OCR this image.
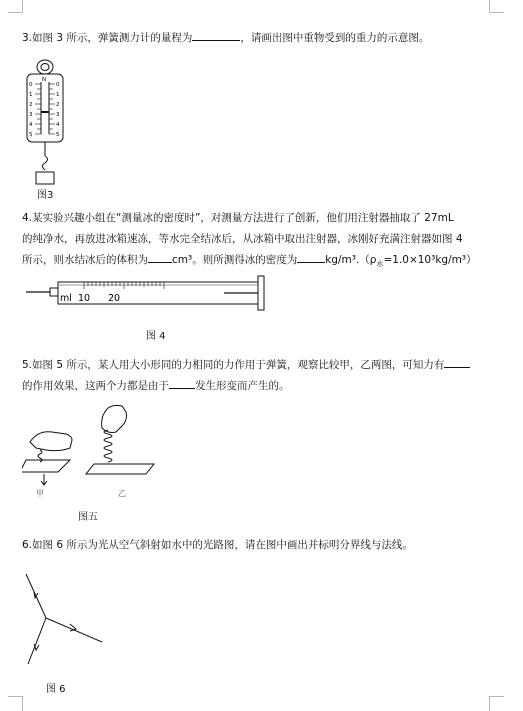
3.如图 3 所示，弹簧测力计的量程为	，请画出图中重物受到的重力的示意图。
N
0
1
2
3
4
5
0
1
2
3
4
5
图3
4.某实验兴趣小组在“测量冰的密度时”，对测量方法进行了创新，他们用注射器抽取了 27mL
的纯净水，再放进冰箱速冻，等水完全结冰后，从冰箱中取出注射器，冰刚好充满注射器如图 4
所示，则水结冰后的体积为 cm³。则所测得冰的密度为	$kg/m^3.(\rho_水=1.0\times 10^3kg/m^3)$
ml 10 20
图 4
5.如图 5 所示，某人用大小形同的力相同的力作用于弹簧，观察比较甲，乙两图，可知力有
的作用效果，这两个力都是由于 发生形变而产生的。
甲	乙
图五
6.如图 6 所示为光从空气斜射如水中的光路图，请在图中画出并标明分界线与法线。
图 6
